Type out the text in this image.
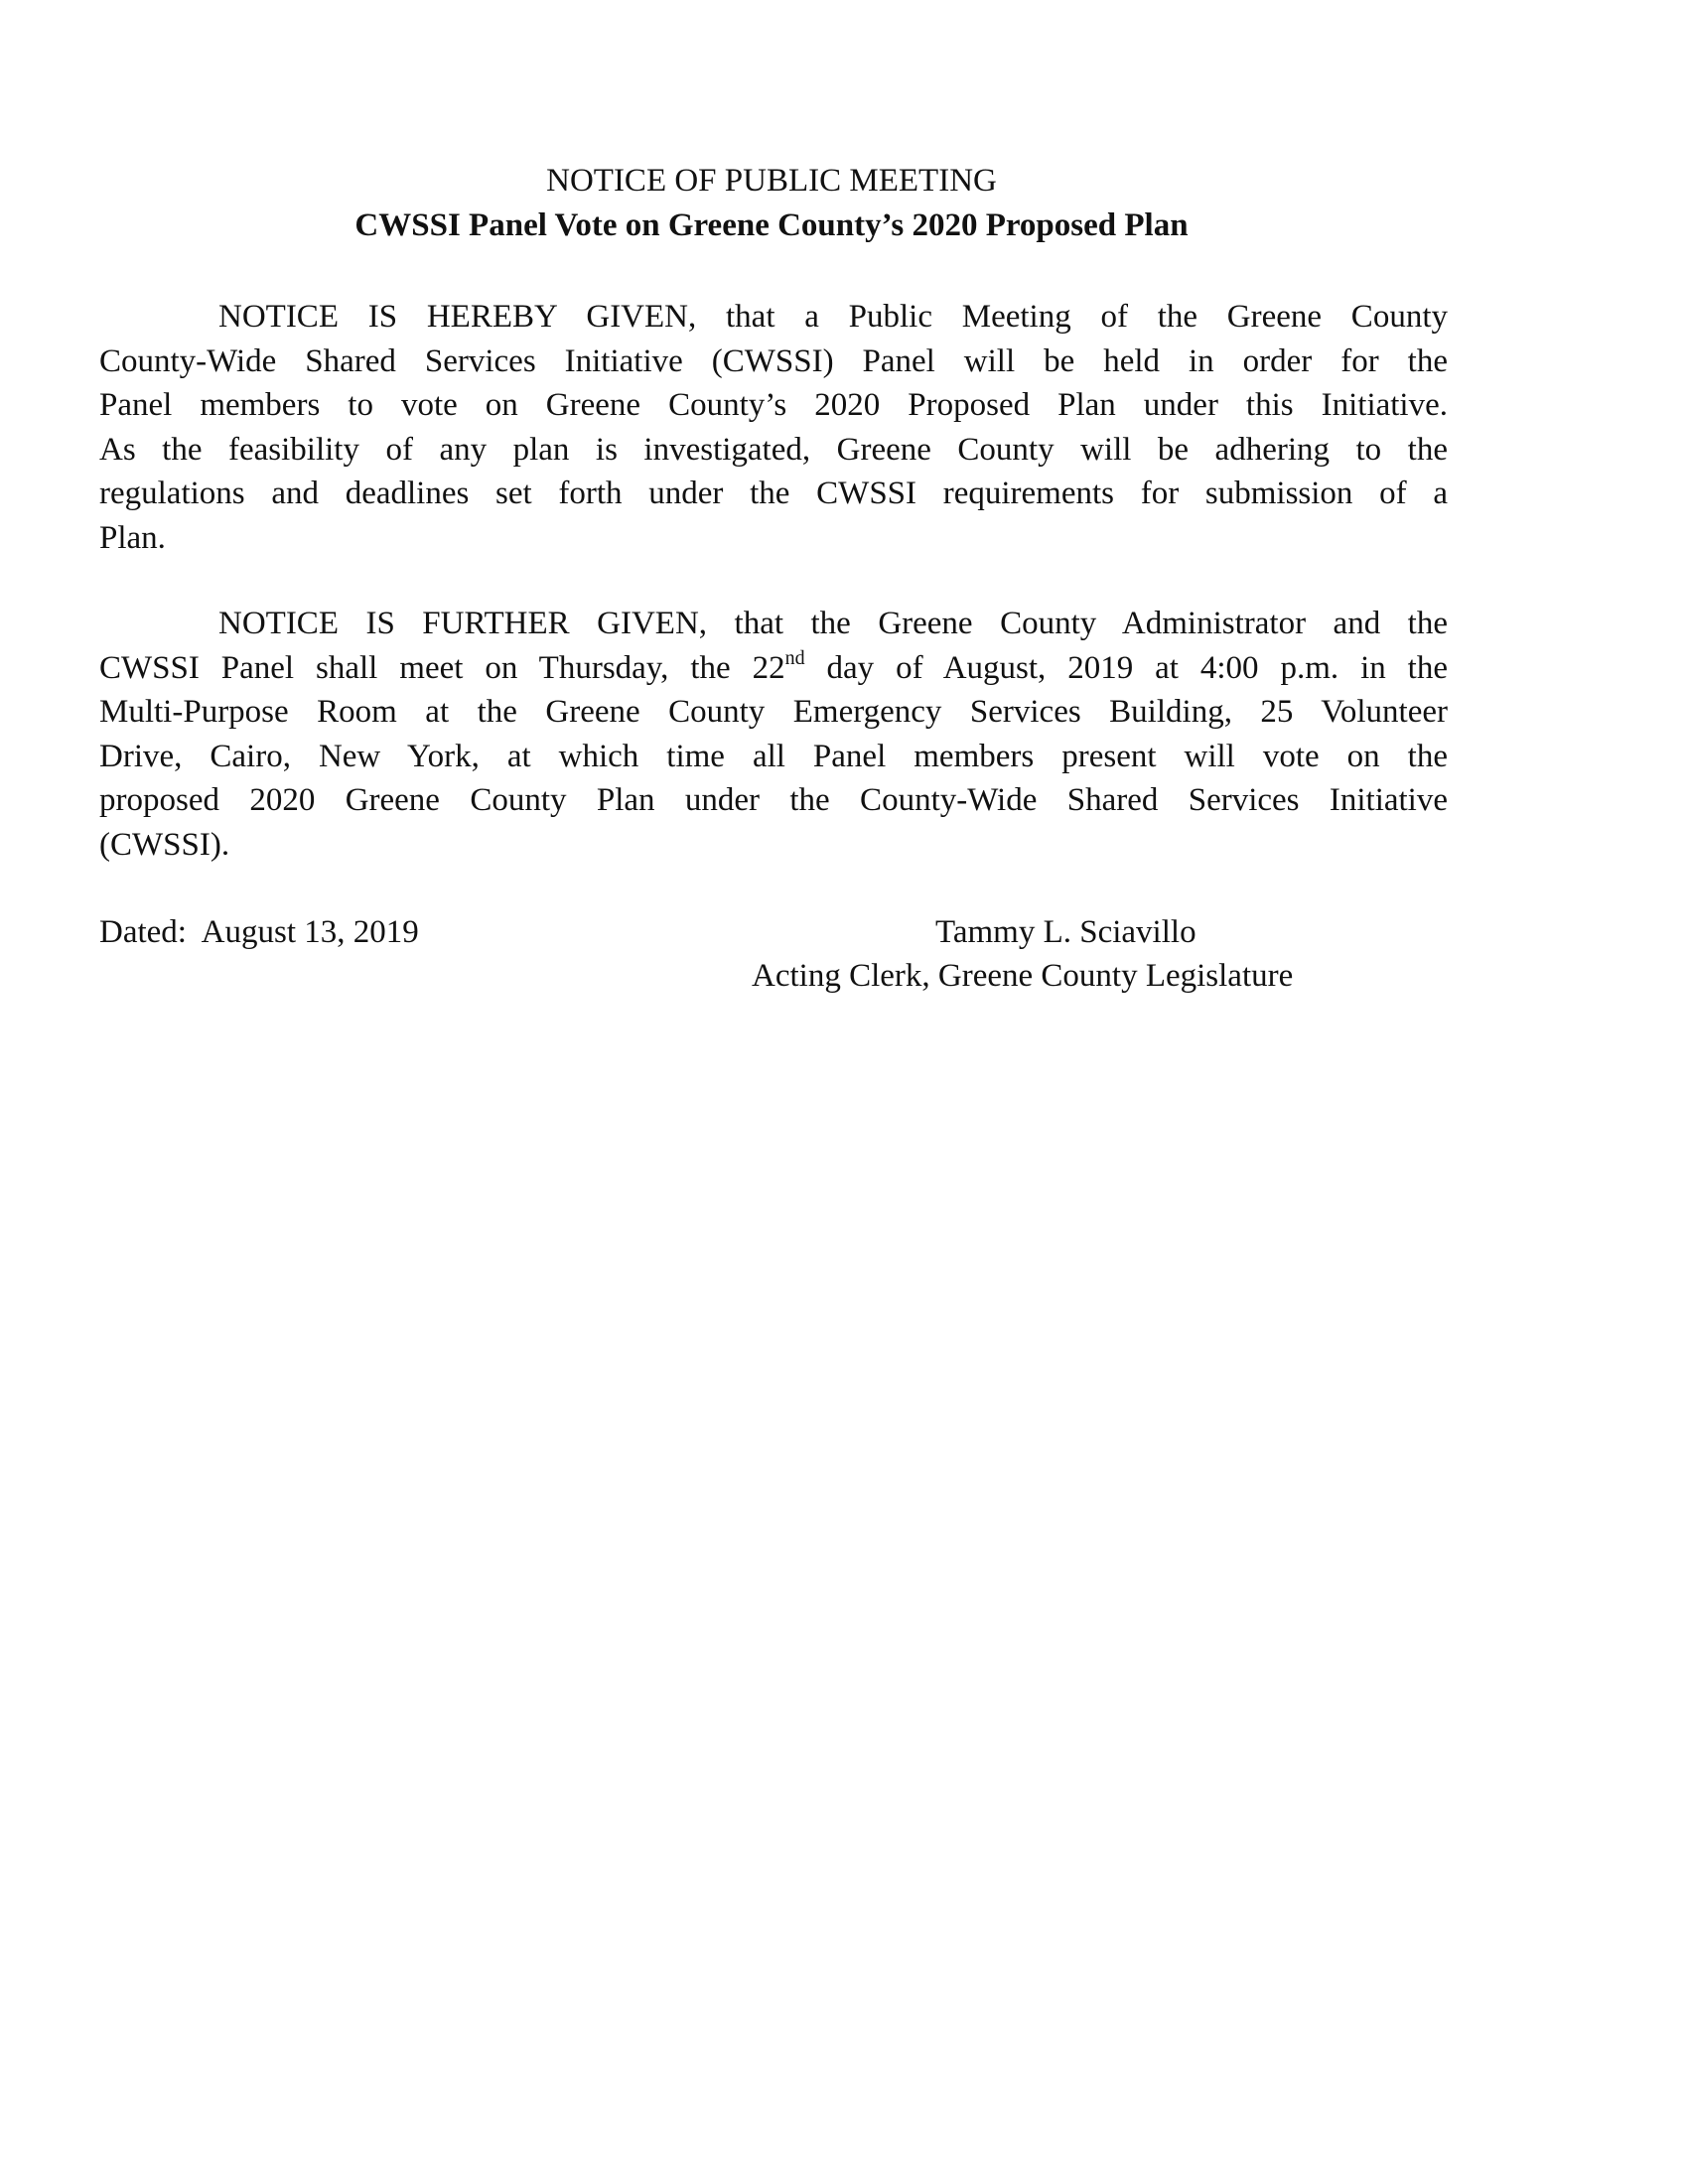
NOTICE OF PUBLIC MEETING
CWSSI Panel Vote on Greene County’s 2020 Proposed Plan
NOTICE IS HEREBY GIVEN, that a Public Meeting of the Greene County
County-Wide Shared Services Initiative (CWSSI) Panel will be held in order for the
Panel members to vote on Greene County’s 2020 Proposed Plan under this Initiative.
As the feasibility of any plan is investigated, Greene County will be adhering to the
regulations and deadlines set forth under the CWSSI requirements for submission of a
Plan.
NOTICE IS FURTHER GIVEN, that the Greene County Administrator and the
CWSSI Panel shall meet on Thursday, the 22nd day of August, 2019 at 4:00 p.m. in the
Multi-Purpose Room at the Greene County Emergency Services Building, 25 Volunteer
Drive, Cairo, New York, at which time all Panel members present will vote on the
proposed 2020 Greene County Plan under the County-Wide Shared Services Initiative
(CWSSI).
Dated:  August 13, 2019	Tammy L. Sciavillo
Acting Clerk, Greene County Legislature
